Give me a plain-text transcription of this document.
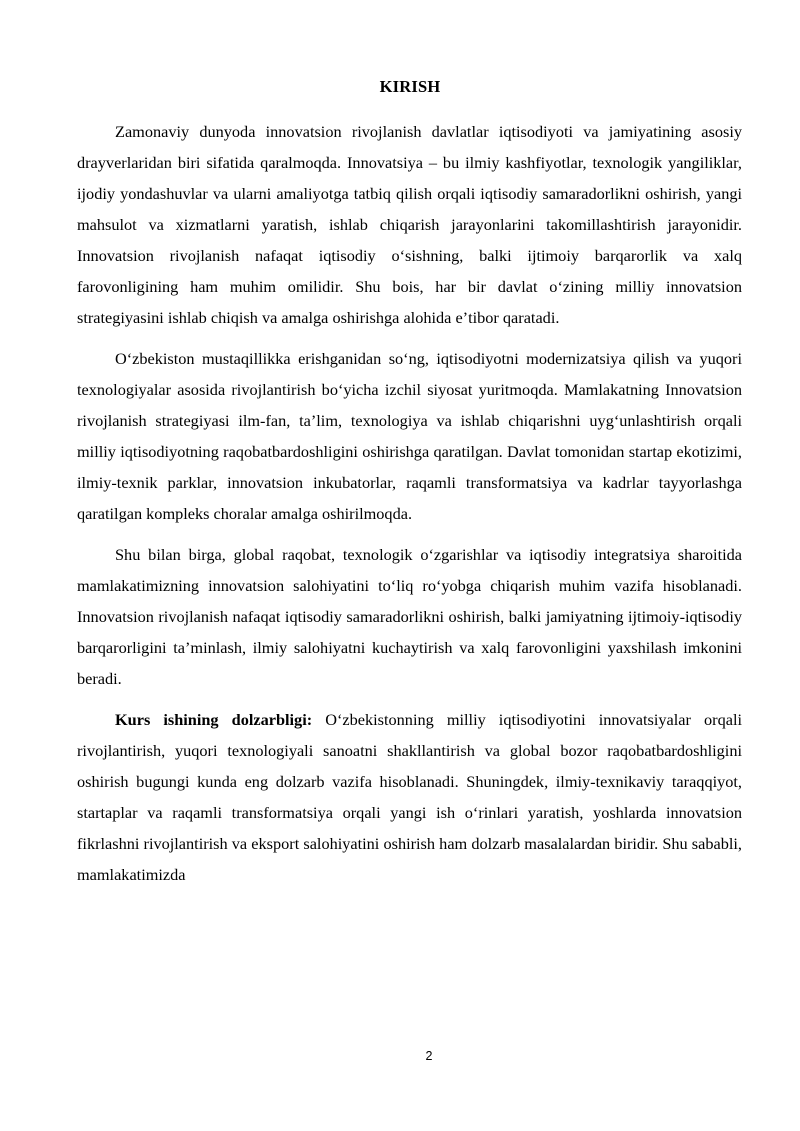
KIRISH

Zamonaviy dunyoda innovatsion rivojlanish davlatlar iqtisodiyoti va jamiyatining asosiy drayverlaridan biri sifatida qaralmoqda. Innovatsiya – bu ilmiy kashfiyotlar, texnologik yangiliklar, ijodiy yondashuvlar va ularni amaliyotga tatbiq qilish orqali iqtisodiy samaradorlikni oshirish, yangi mahsulot va xizmatlarni yaratish, ishlab chiqarish jarayonlarini takomillashtirish jarayonidir. Innovatsion rivojlanish nafaqat iqtisodiy oʻsishning, balki ijtimoiy barqarorlik va xalq farovonligining ham muhim omilidir. Shu bois, har bir davlat oʻzining milliy innovatsion strategiyasini ishlab chiqish va amalga oshirishga alohida eʼtibor qaratadi.

Oʻzbekiston mustaqillikka erishganidan soʻng, iqtisodiyotni modernizatsiya qilish va yuqori texnologiyalar asosida rivojlantirish boʻyicha izchil siyosat yuritmoqda. Mamlakatning Innovatsion rivojlanish strategiyasi ilm-fan, taʼlim, texnologiya va ishlab chiqarishni uygʻunlashtirish orqali milliy iqtisodiyotning raqobatbardoshligini oshirishga qaratilgan. Davlat tomonidan startap ekotizimi, ilmiy-texnik parklar, innovatsion inkubatorlar, raqamli transformatsiya va kadrlar tayyorlashga qaratilgan kompleks choralar amalga oshirilmoqda.

Shu bilan birga, global raqobat, texnologik oʻzgarishlar va iqtisodiy integratsiya sharoitida mamlakatimizning innovatsion salohiyatini toʻliq roʻyobga chiqarish muhim vazifa hisoblanadi. Innovatsion rivojlanish nafaqat iqtisodiy samaradorlikni oshirish, balki jamiyatning ijtimoiy-iqtisodiy barqarorligini taʼminlash, ilmiy salohiyatni kuchaytirish va xalq farovonligini yaxshilash imkonini beradi.

Kurs ishining dolzarbligi: Oʻzbekistonning milliy iqtisodiyotini innovatsiyalar orqali rivojlantirish, yuqori texnologiyali sanoatni shakllantirish va global bozor raqobatbardoshligini oshirish bugungi kunda eng dolzarb vazifa hisoblanadi. Shuningdek, ilmiy-texnikaviy taraqqiyot, startaplar va raqamli transformatsiya orqali yangi ish oʻrinlari yaratish, yoshlarda innovatsion fikrlashni rivojlantirish va eksport salohiyatini oshirish ham dolzarb masalalardan biridir. Shu sababli, mamlakatimizda

2
